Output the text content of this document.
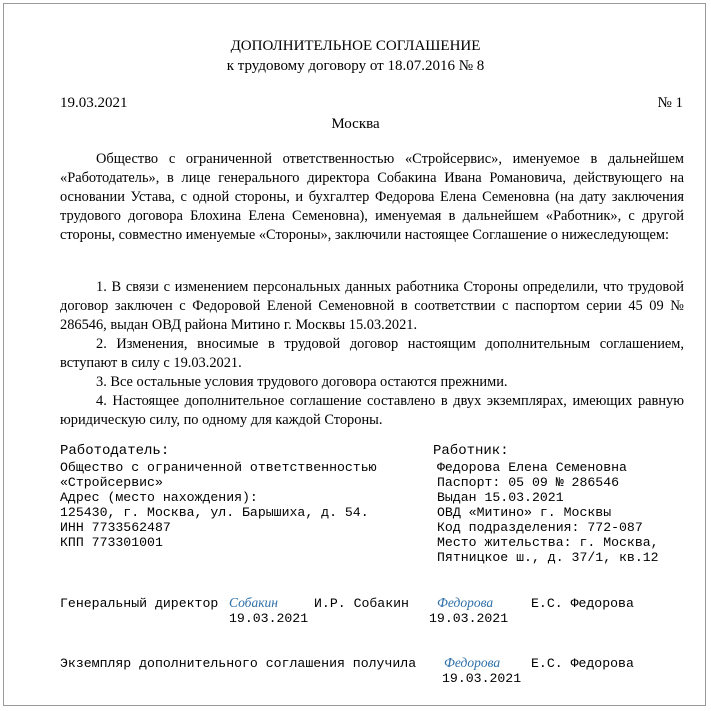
ДОПОЛНИТЕЛЬНОЕ СОГЛАШЕНИЕ
к трудовому договору от 18.07.2016 № 8
19.03.2021	№ 1
Москва

Общество с ограниченной ответственностью «Стройсервис», именуемое в дальнейшем «Работодатель», в лице генерального директора Собакина Ивана Романовича, действующего на основании Устава, с одной стороны, и бухгалтер Федорова Елена Семеновна (на дату заключения трудового договора Блохина Елена Семеновна), именуемая в дальнейшем «Работник», с другой стороны, совместно именуемые «Стороны», заключили настоящее Соглашение о нижеследующем:

1. В связи с изменением персональных данных работника Стороны определили, что трудовой договор заключен с Федоровой Еленой Семеновной в соответствии с паспортом серии 45 09 № 286546, выдан ОВД района Митино г. Москвы 15.03.2021.

2. Изменения, вносимые в трудовой договор настоящим дополнительным соглашением, вступают в силу с 19.03.2021.

3. Все остальные условия трудового договора остаются прежними.

4. Настоящее дополнительное соглашение составлено в двух экземплярах, имеющих равную юридическую силу, по одному для каждой Стороны.

Работодатель:
Общество с ограниченной ответственностью
«Стройсервис»
Адрес (место нахождения):
125430, г. Москва, ул. Барышиха, д. 54.
ИНН 7733562487
КПП 773301001
Работник:
Федорова Елена Семеновна
Паспорт: 05 09 № 286546
Выдан 15.03.2021
ОВД «Митино» г. Москвы
Код подразделения: 772-087
Место жительства: г. Москва,
Пятницкое ш., д. 37/1, кв.12
Генеральный директор Собакин	И.Р. Собакин
19.03.2021
Федорова	Е.С. Федорова
19.03.2021
Экземпляр дополнительного соглашения получила Федорова Е.С. Федорова
19.03.2021
